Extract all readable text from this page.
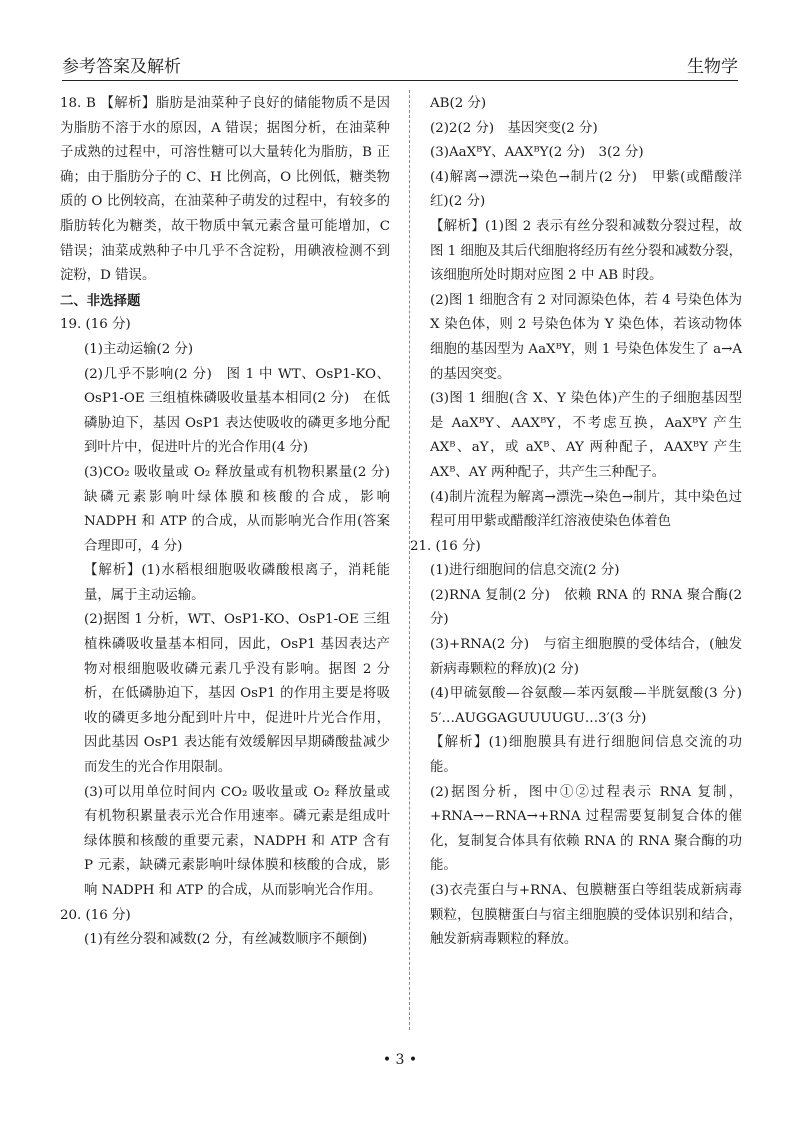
参考答案及解析	生物学

18. B 【解析】脂肪是油菜种子良好的储能物质不是因为脂肪不溶于水的原因，A 错误；据图分析，在油菜种子成熟的过程中，可溶性糖可以大量转化为脂肪，B 正确；由于脂肪分子的 C、H 比例高，O 比例低，糖类物质的 O 比例较高，在油菜种子萌发的过程中，有较多的脂肪转化为糖类，故干物质中氧元素含量可能增加，C 错误；油菜成熟种子中几乎不含淀粉，用碘液检测不到淀粉，D 错误。

二、非选择题

19. (16 分)

(1)主动运输(2 分)

(2)几乎不影响(2 分)　图 1 中 WT、OsP1-KO、OsP1-OE 三组植株磷吸收量基本相同(2 分)　在低磷胁迫下，基因 OsP1 表达使吸收的磷更多地分配到叶片中，促进叶片的光合作用(4 分)

(3)CO₂ 吸收量或 O₂ 释放量或有机物积累量(2 分)　缺磷元素影响叶绿体膜和核酸的合成，影响 NADPH 和 ATP 的合成，从而影响光合作用(答案合理即可，4 分)

【解析】(1)水稻根细胞吸收磷酸根离子，消耗能量，属于主动运输。

(2)据图 1 分析，WT、OsP1-KO、OsP1-OE 三组植株磷吸收量基本相同，因此，OsP1 基因表达产物对根细胞吸收磷元素几乎没有影响。据图 2 分析，在低磷胁迫下，基因 OsP1 的作用主要是将吸收的磷更多地分配到叶片中，促进叶片光合作用，因此基因 OsP1 表达能有效缓解因早期磷酸盐减少而发生的光合作用限制。

(3)可以用单位时间内 CO₂ 吸收量或 O₂ 释放量或有机物积累量表示光合作用速率。磷元素是组成叶绿体膜和核酸的重要元素，NADPH 和 ATP 含有 P 元素，缺磷元素影响叶绿体膜和核酸的合成，影响 NADPH 和 ATP 的合成，从而影响光合作用。

20. (16 分)

(1)有丝分裂和减数(2 分，有丝减数顺序不颠倒)

AB(2 分)

(2)2(2 分)　基因突变(2 分)

(3)AaXᴮY、AAXᴮY(2 分)　3(2 分)

(4)解离→漂洗→染色→制片(2 分)　甲紫(或醋酸洋红)(2 分)

【解析】(1)图 2 表示有丝分裂和减数分裂过程，故图 1 细胞及其后代细胞将经历有丝分裂和减数分裂，该细胞所处时期对应图 2 中 AB 时段。

(2)图 1 细胞含有 2 对同源染色体，若 4 号染色体为 X 染色体，则 2 号染色体为 Y 染色体，若该动物体细胞的基因型为 AaXᴮY，则 1 号染色体发生了 a→A 的基因突变。

(3)图 1 细胞(含 X、Y 染色体)产生的子细胞基因型是 AaXᴮY、AAXᴮY，不考虑互换，AaXᴮY 产生 AXᴮ、aY，或 aXᴮ、AY 两种配子，AAXᴮY 产生 AXᴮ、AY 两种配子，共产生三种配子。

(4)制片流程为解离→漂洗→染色→制片，其中染色过程可用甲紫或醋酸洋红溶液使染色体着色

21. (16 分)

(1)进行细胞间的信息交流(2 分)

(2)RNA 复制(2 分)　依赖 RNA 的 RNA 聚合酶(2 分)

(3)+RNA(2 分)　与宿主细胞膜的受体结合，(触发新病毒颗粒的释放)(2 分)

(4)甲硫氨酸—谷氨酸—苯丙氨酸—半胱氨酸(3 分)　5′…AUGGAGUUUUGU…3′(3 分)

【解析】(1)细胞膜具有进行细胞间信息交流的功能。

(2)据图分析，图中①②过程表示 RNA 复制，+RNA→−RNA→+RNA 过程需要复制复合体的催化，复制复合体具有依赖 RNA 的 RNA 聚合酶的功能。

(3)衣壳蛋白与+RNA、包膜糖蛋白等组装成新病毒颗粒，包膜糖蛋白与宿主细胞膜的受体识别和结合，触发新病毒颗粒的释放。

• 3 •
